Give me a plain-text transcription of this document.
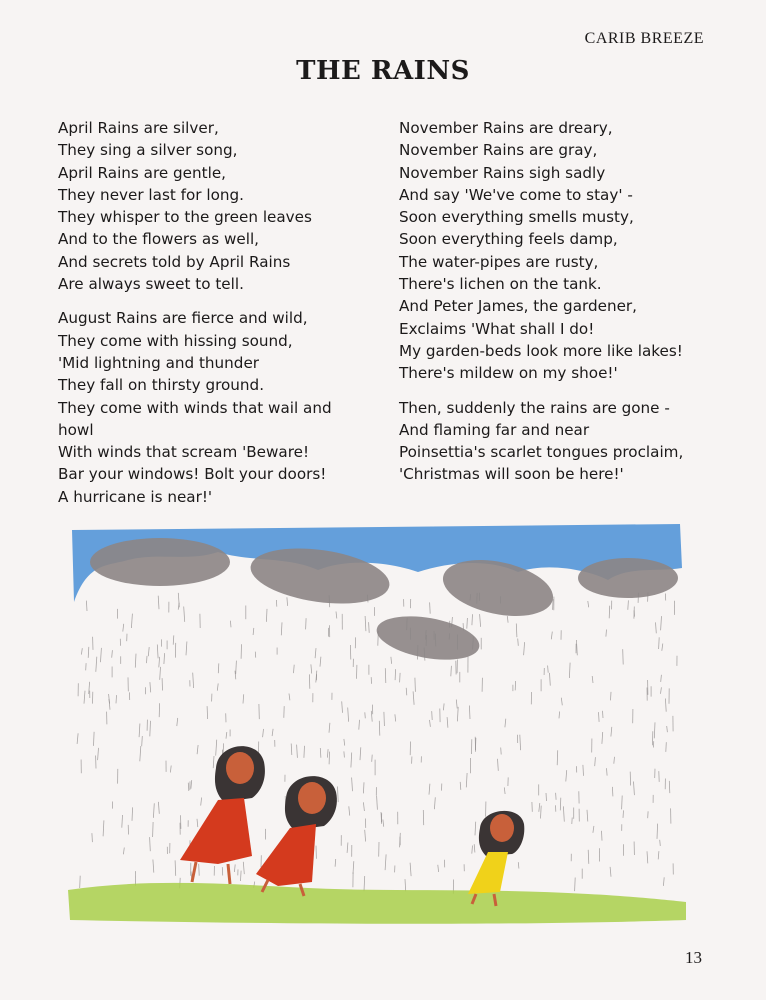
CARIB BREEZE
THE RAINS
April Rains are silver,
They sing a silver song,
April Rains are gentle,
They never last for long.
They whisper to the green leaves
And to the flowers as well,
And secrets told by April Rains
Are always sweet to tell.
August Rains are fierce and wild,
They come with hissing sound,
'Mid lightning and thunder
They fall on thirsty ground.
They come with winds that wail and
howl
With winds that scream 'Beware!
Bar your windows! Bolt your doors!
A hurricane is near!'
November Rains are dreary,
November Rains are gray,
November Rains sigh sadly
And say 'We've come to stay' -
Soon everything smells musty,
Soon everything feels damp,
The water-pipes are rusty,
There's lichen on the tank.
And Peter James, the gardener,
Exclaims 'What shall I do!
My garden-beds look more like lakes!
There's mildew on my shoe!'
Then, suddenly the rains are gone -
And flaming far and near
Poinsettia's scarlet tongues proclaim,
'Christmas will soon be here!'
13
